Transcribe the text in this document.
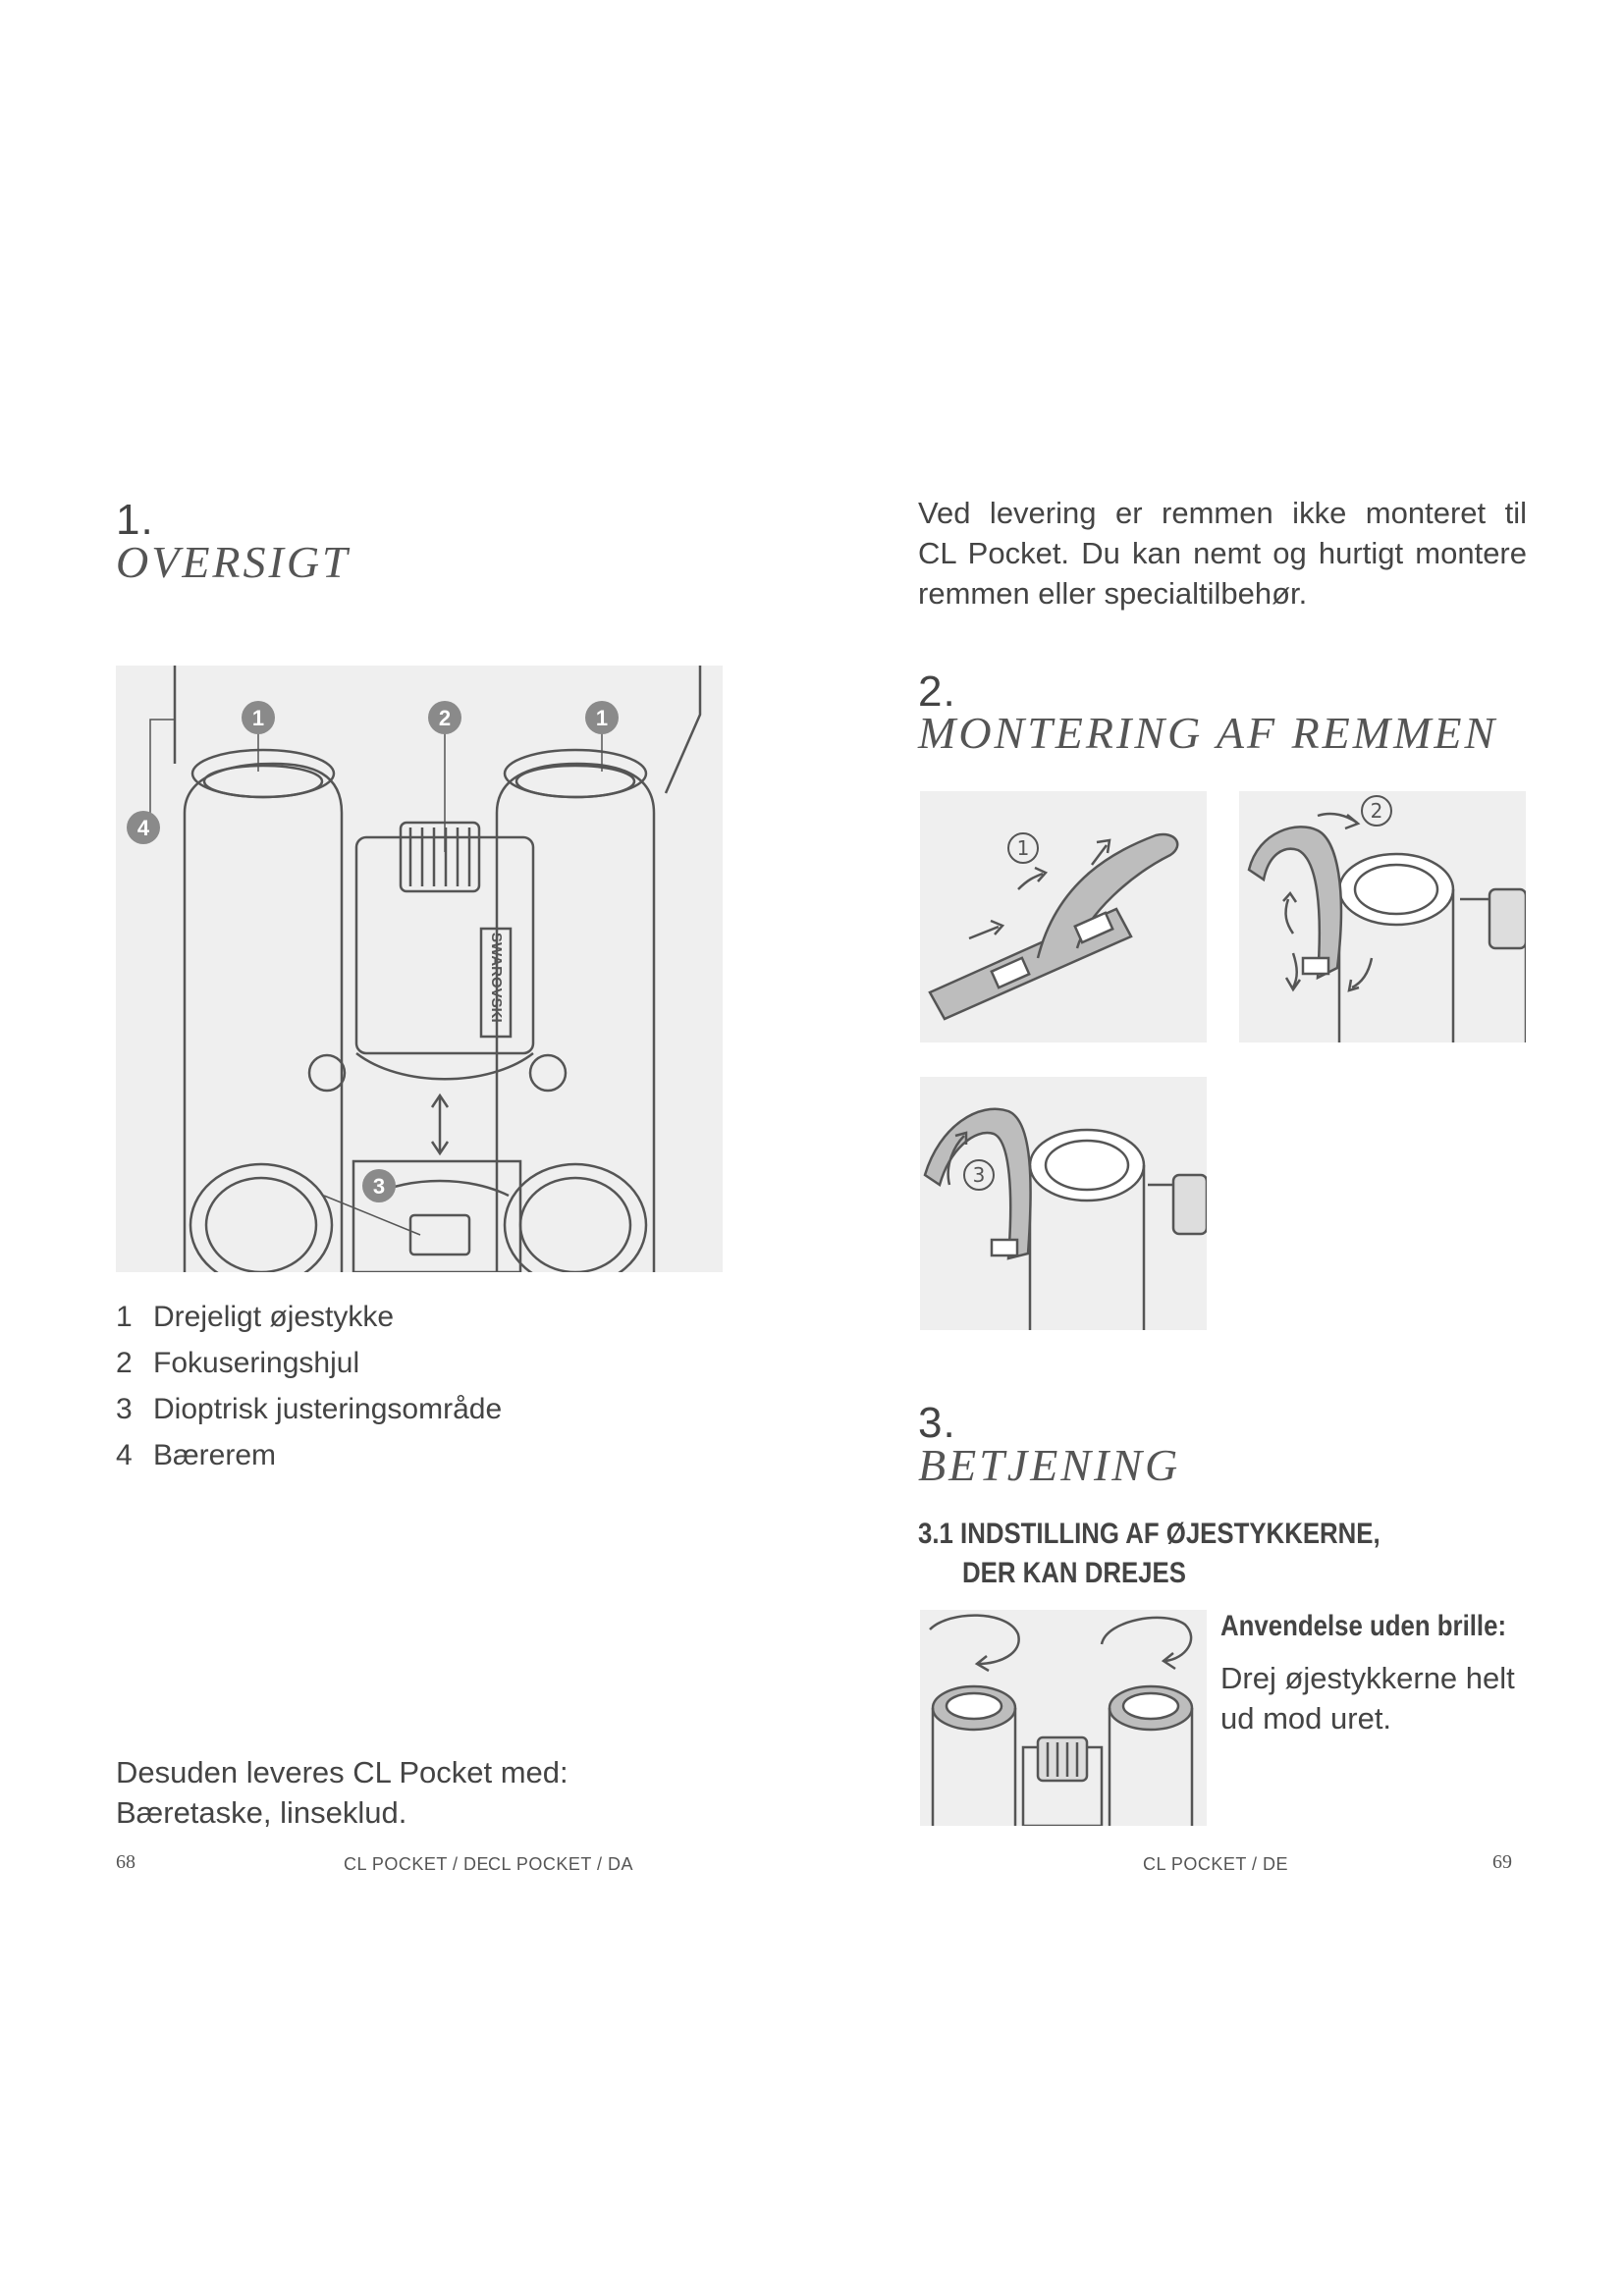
1.
OVERSIGT
1	2	1
4
3
SWAROVSKI
1 Drejeligt øjestykke
2 Fokuseringshjul
3 Dioptrisk justeringsområde
4 Bærerem
Desuden leveres CL Pocket med:
Bæretaske, linseklud.
68	CL POCKET / DE
CL POCKET / DA
Ved levering er remmen ikke monteret til
CL Pocket. Du kan nemt og hurtigt montere
remmen eller specialtilbehør.
2.
MONTERING AF REMMEN
1
2
3
3.
BETJENING
3.1 INDSTILLING AF ØJESTYKKERNE,
DER KAN DREJES
Anvendelse uden brille:
Drej øjestykkerne helt
ud mod uret.
CL POCKET / DE	69
